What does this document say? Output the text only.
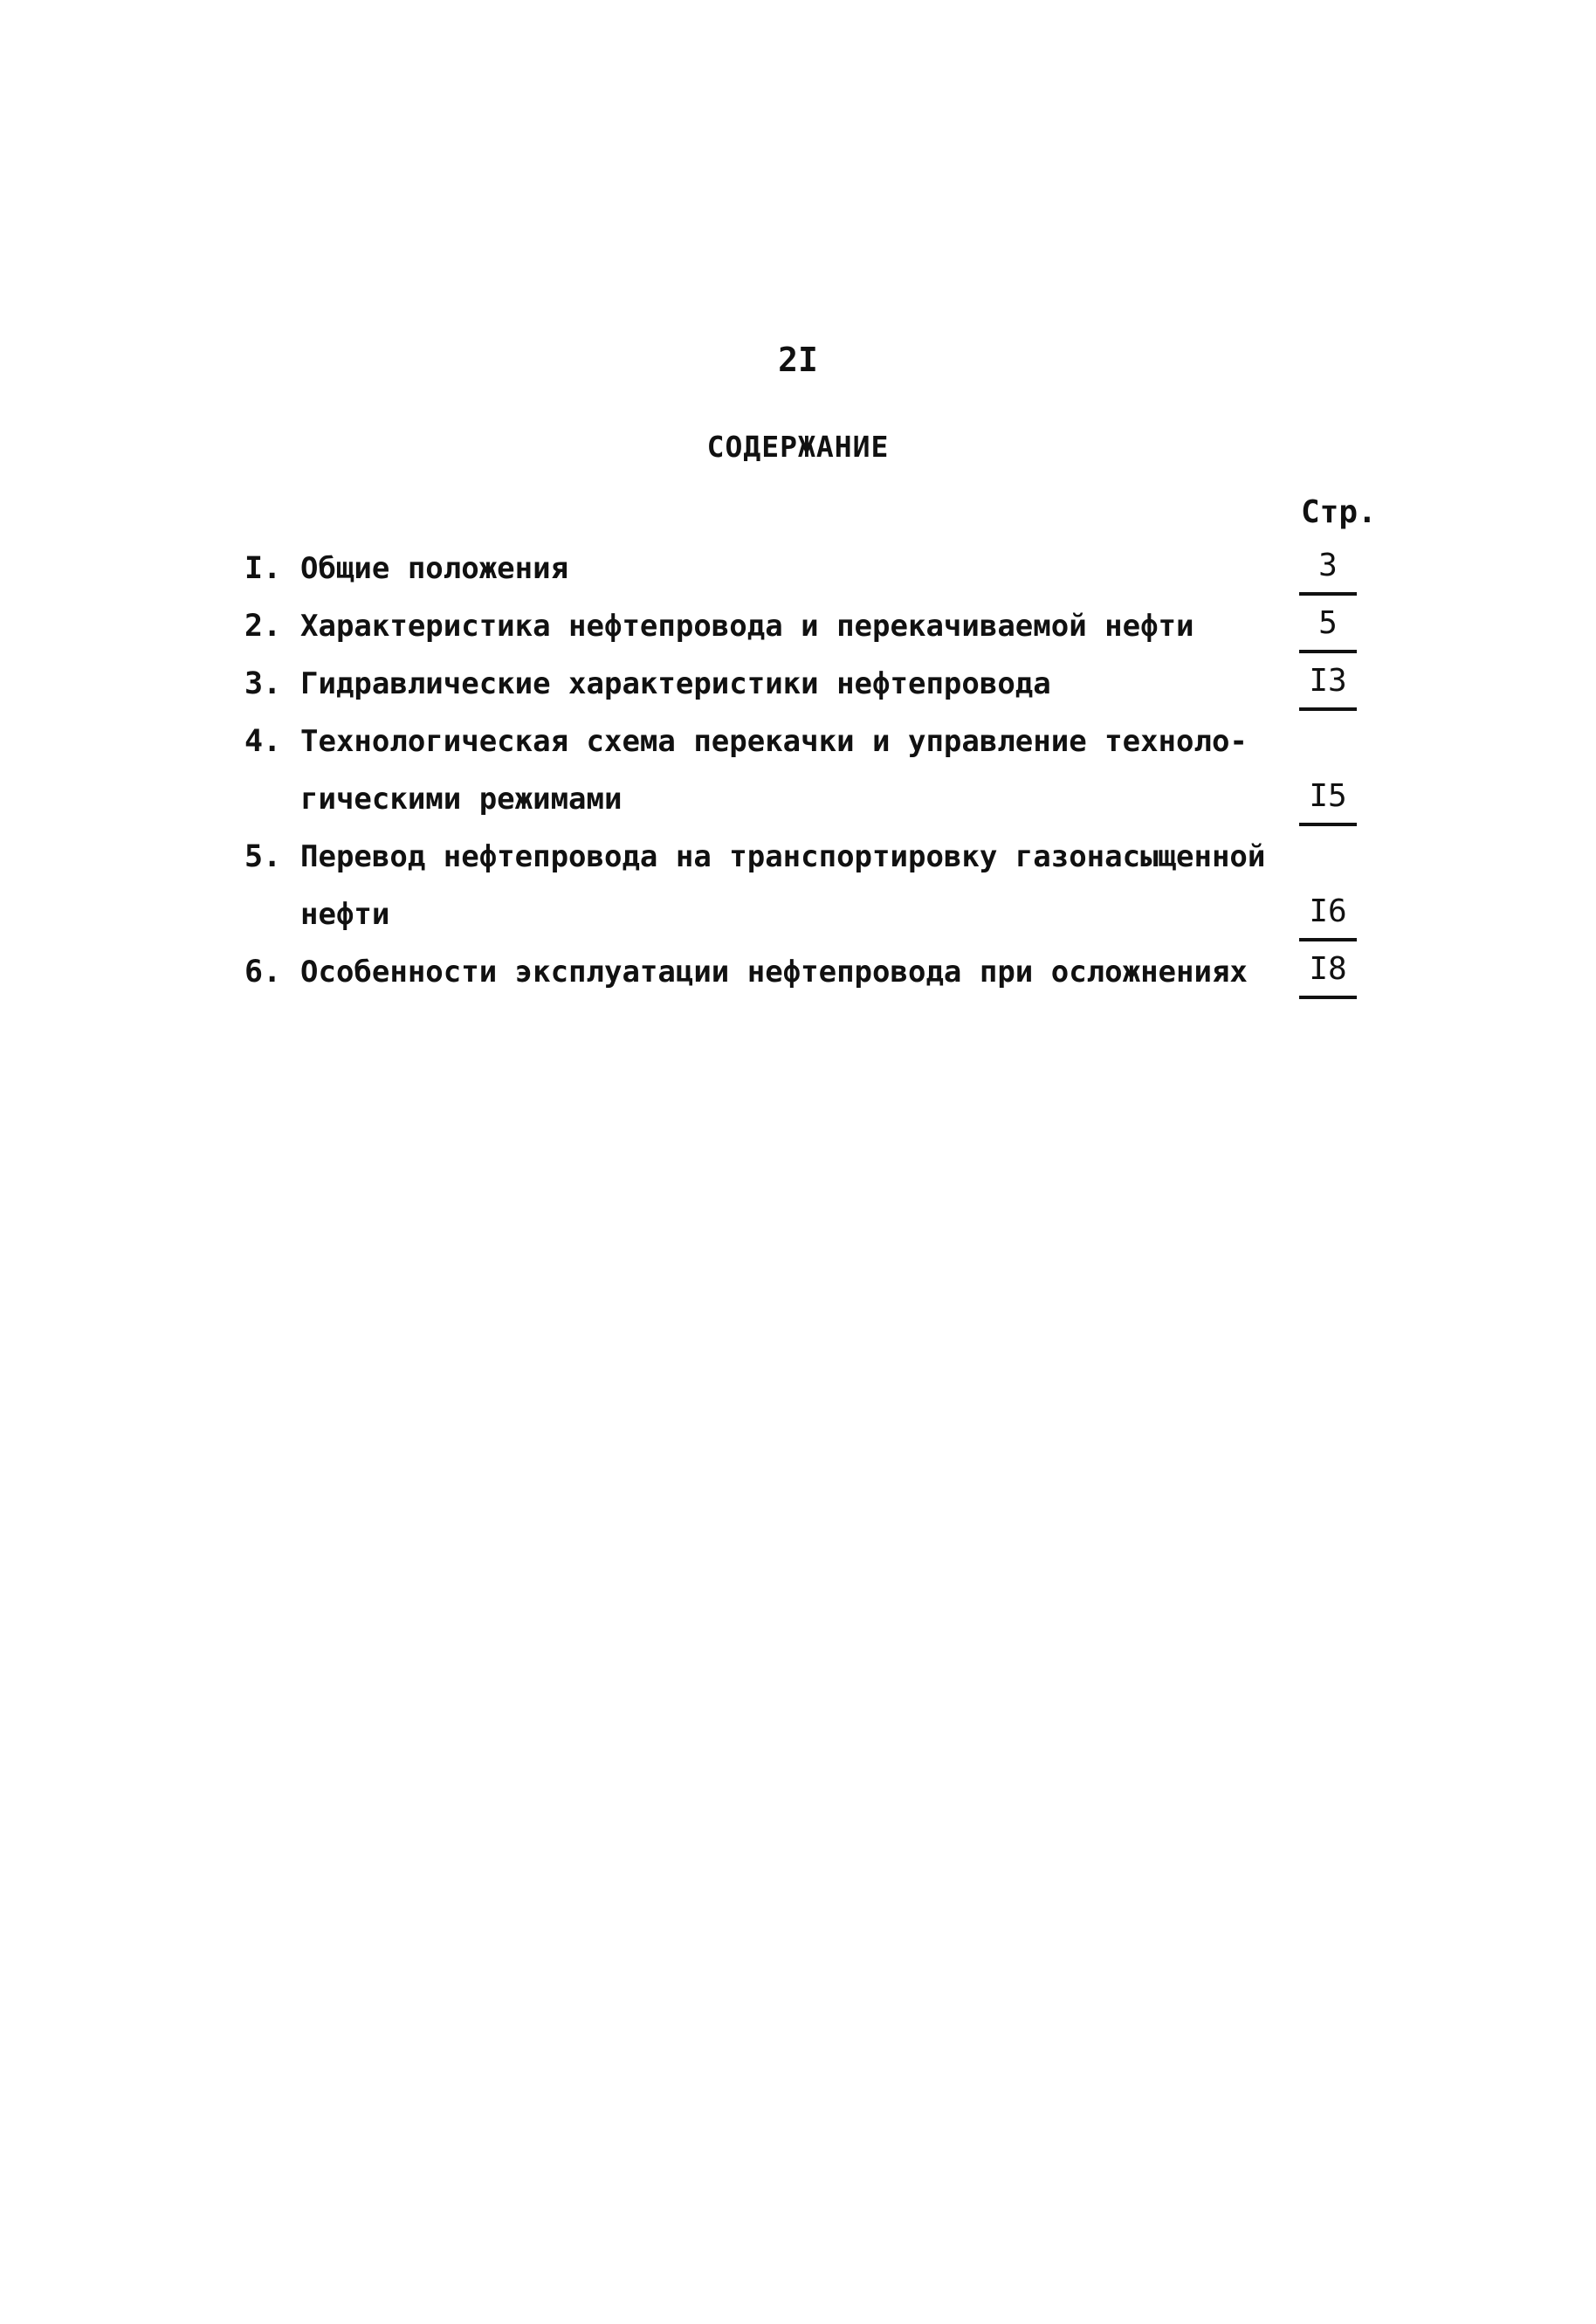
2I
СОДЕРЖАНИЕ
Стр.
I. Общие положения	3
2. Характеристика нефтепровода и перекачиваемой нефти	5
3. Гидравлические характеристики нефтепровода	I3
4. Технологическая схема перекачки и управление техноло-
гическими режимами	I5
5. Перевод нефтепровода на транспортировку газонасыщенной
нефти	I6
6. Особенности эксплуатации нефтепровода при осложнениях	I8
